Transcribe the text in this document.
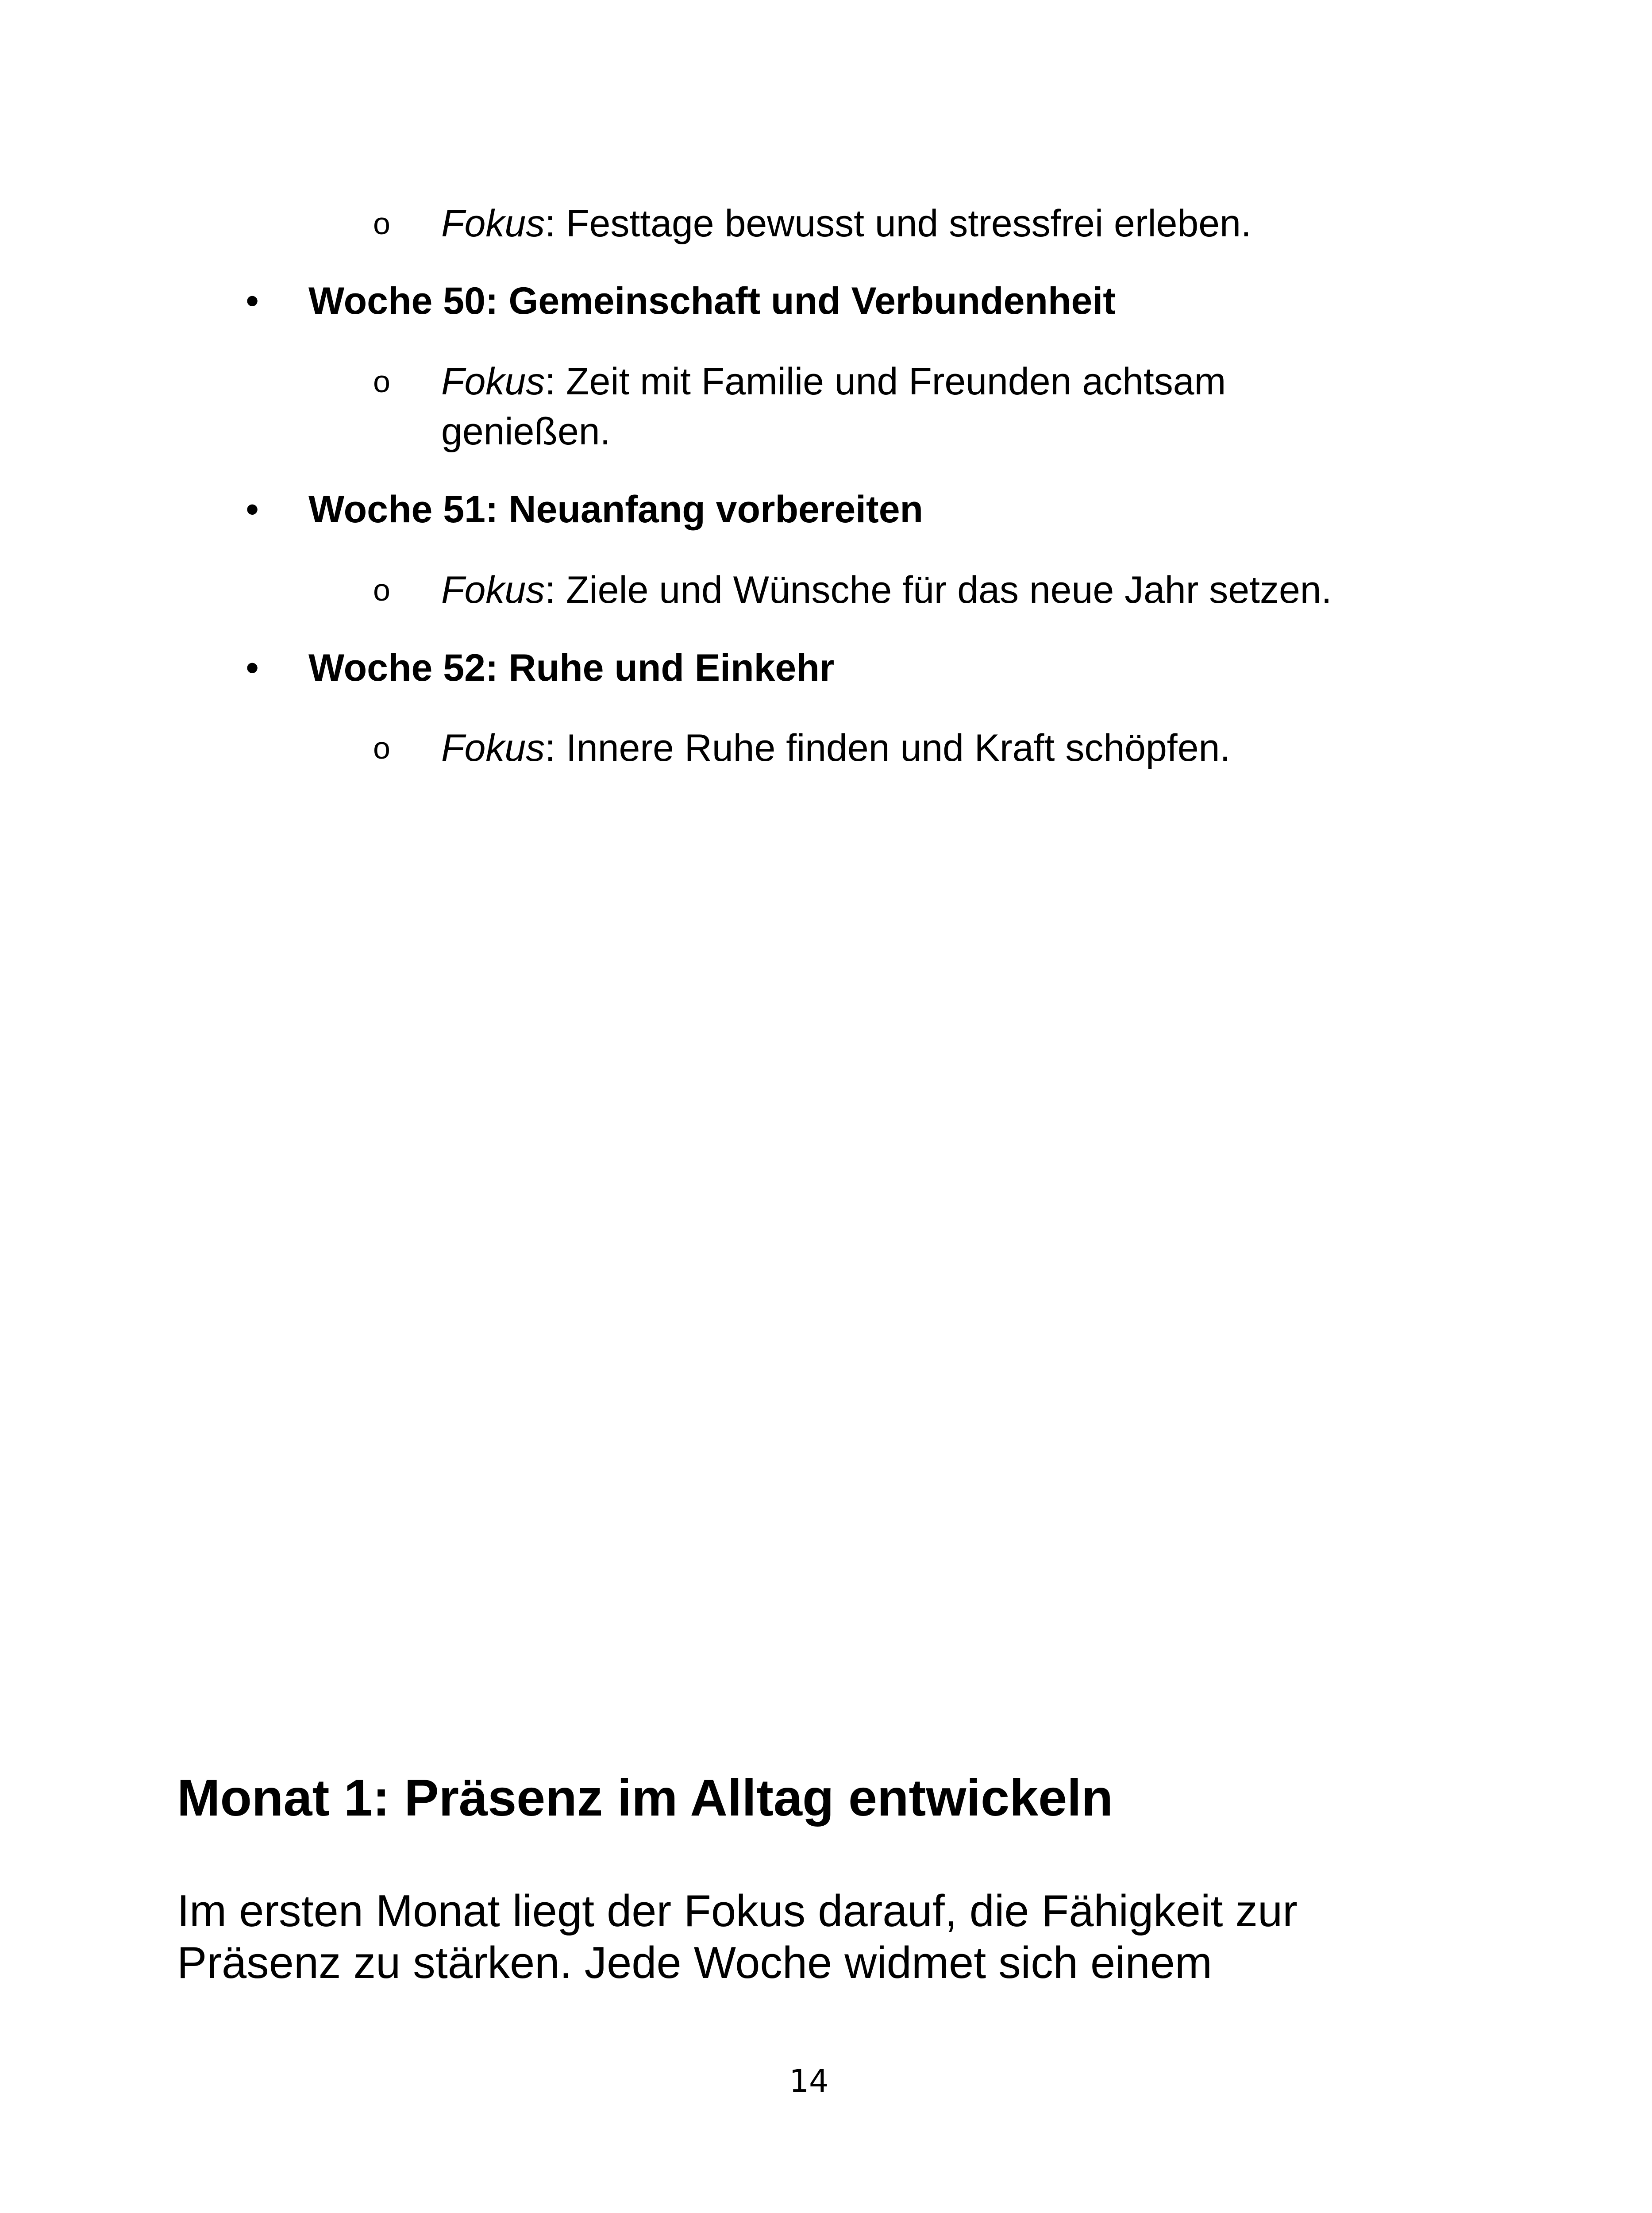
o Fokus: Festtage bewusst und stressfrei erleben.
• Woche 50: Gemeinschaft und Verbundenheit
o Fokus: Zeit mit Familie und Freunden achtsam
genießen.
• Woche 51: Neuanfang vorbereiten
o Fokus: Ziele und Wünsche für das neue Jahr setzen.
• Woche 52: Ruhe und Einkehr
o Fokus: Innere Ruhe finden und Kraft schöpfen.
Monat 1: Präsenz im Alltag entwickeln
Im ersten Monat liegt der Fokus darauf, die Fähigkeit zur
Präsenz zu stärken. Jede Woche widmet sich einem
14
